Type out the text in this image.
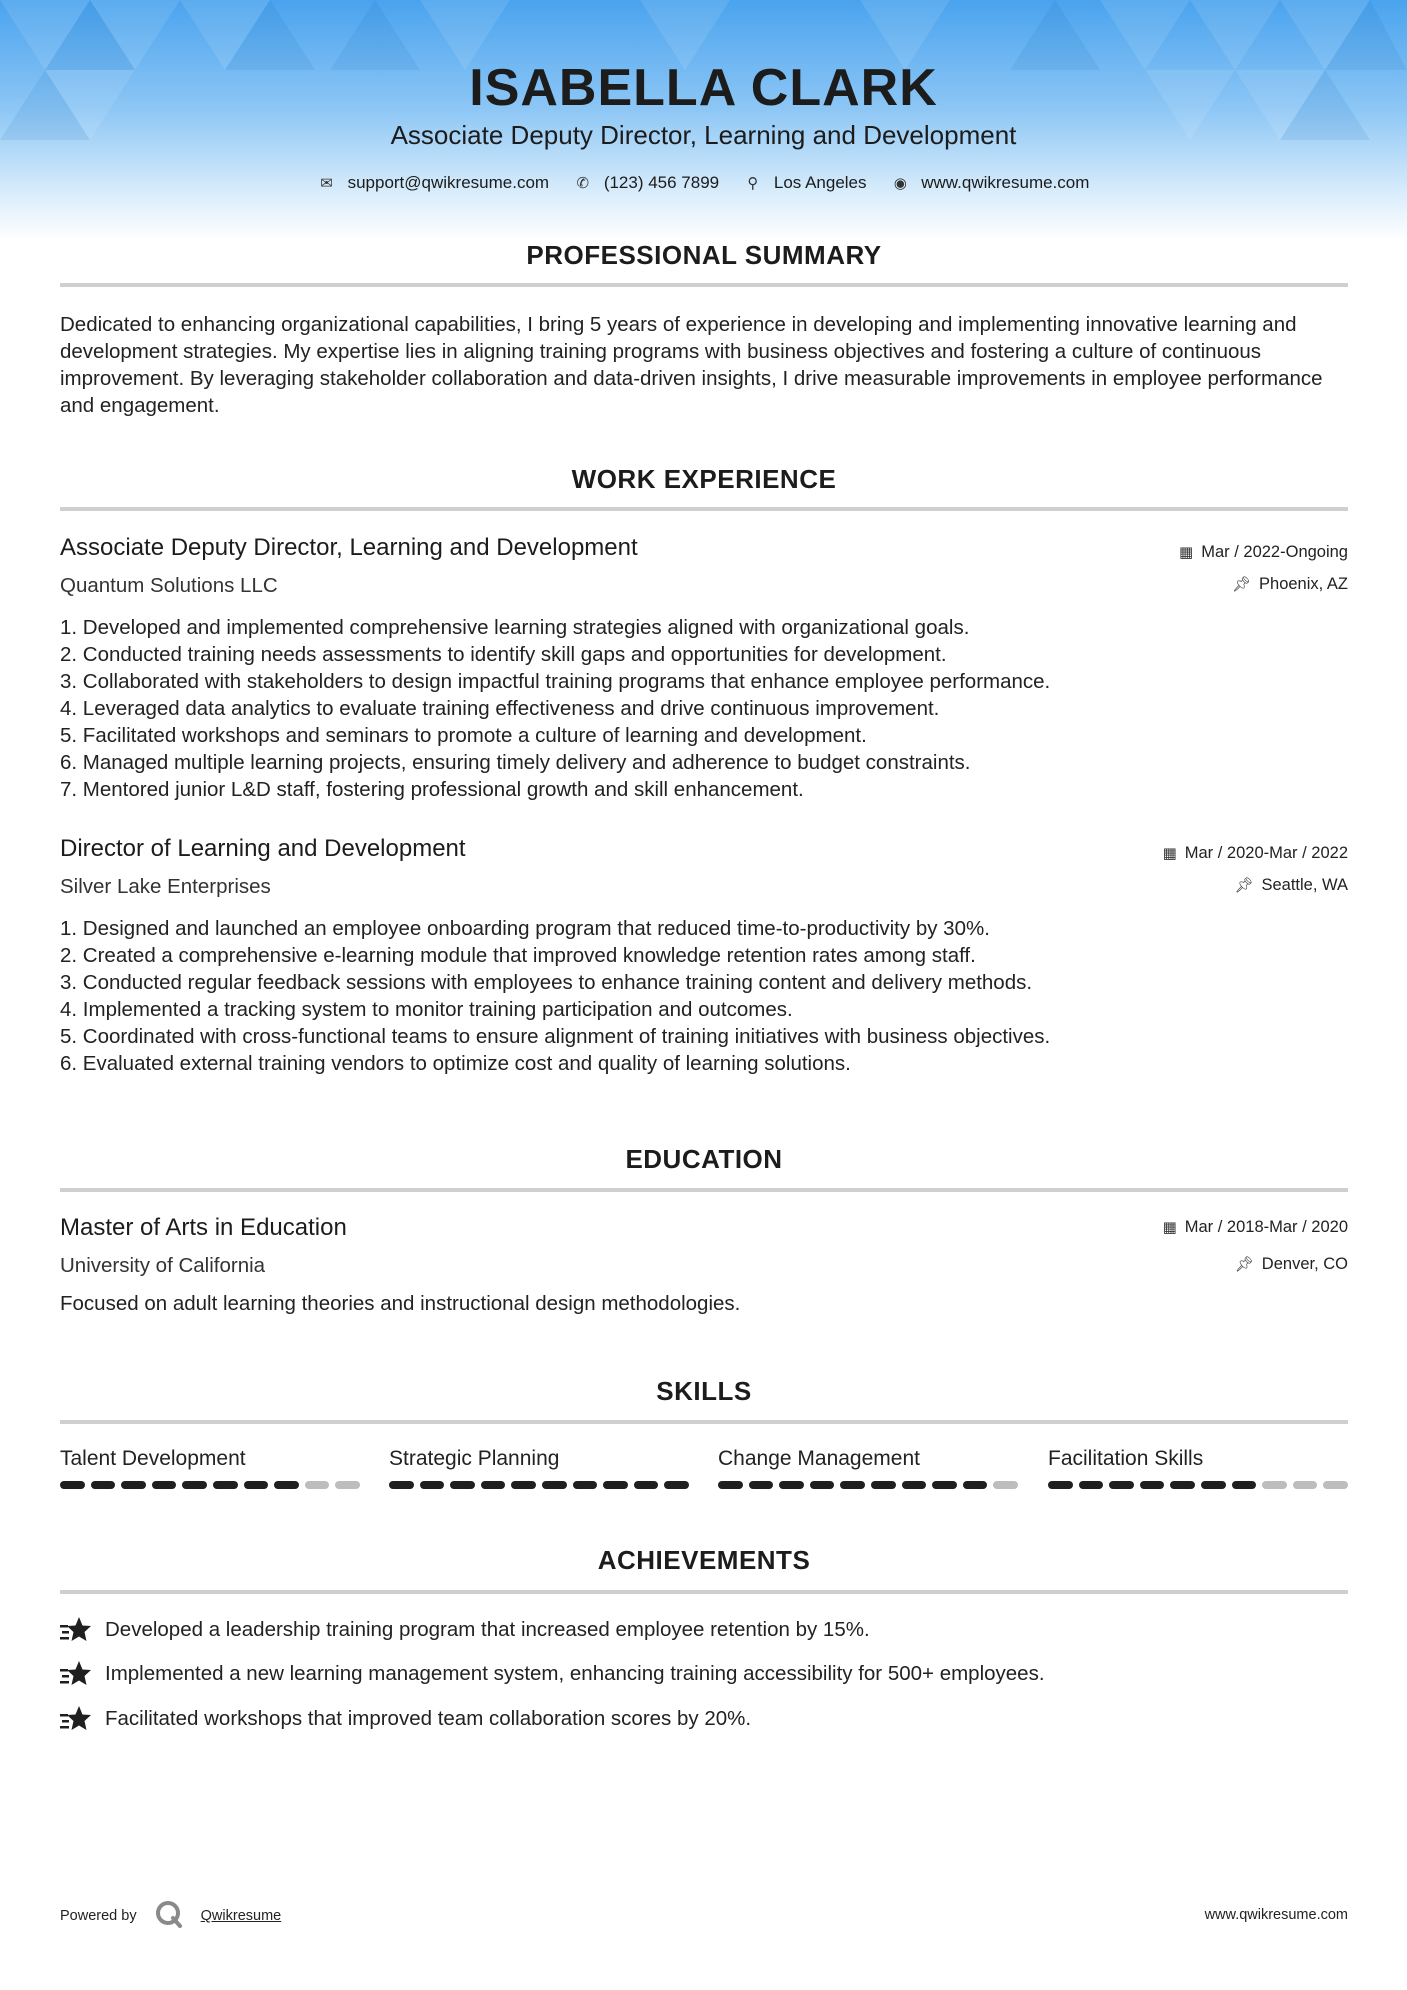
ISABELLA CLARK
Associate Deputy Director, Learning and Development
✉ support@qwikresume.com ✆ (123) 456 7899 ⚲ Los Angeles ◉ www.qwikresume.com
PROFESSIONAL SUMMARY
Dedicated to enhancing organizational capabilities, I bring 5 years of experience in developing and implementing innovative learning and development strategies. My expertise lies in aligning training programs with business objectives and fostering a culture of continuous improvement. By leveraging stakeholder collaboration and data-driven insights, I drive measurable improvements in employee performance and engagement.
WORK EXPERIENCE
Associate Deputy Director, Learning and Development	▦ Mar / 2022-Ongoing
Quantum Solutions LLC	📌︎ Phoenix, AZ
1. Developed and implemented comprehensive learning strategies aligned with organizational goals.
2. Conducted training needs assessments to identify skill gaps and opportunities for development.
3. Collaborated with stakeholders to design impactful training programs that enhance employee performance.
4. Leveraged data analytics to evaluate training effectiveness and drive continuous improvement.
5. Facilitated workshops and seminars to promote a culture of learning and development.
6. Managed multiple learning projects, ensuring timely delivery and adherence to budget constraints.
7. Mentored junior L&D staff, fostering professional growth and skill enhancement.
Director of Learning and Development	▦ Mar / 2020-Mar / 2022
Silver Lake Enterprises	📌︎ Seattle, WA
1. Designed and launched an employee onboarding program that reduced time-to-productivity by 30%.
2. Created a comprehensive e-learning module that improved knowledge retention rates among staff.
3. Conducted regular feedback sessions with employees to enhance training content and delivery methods.
4. Implemented a tracking system to monitor training participation and outcomes.
5. Coordinated with cross-functional teams to ensure alignment of training initiatives with business objectives.
6. Evaluated external training vendors to optimize cost and quality of learning solutions.
EDUCATION
Master of Arts in Education	▦ Mar / 2018-Mar / 2020
University of California	📌︎ Denver, CO
Focused on adult learning theories and instructional design methodologies.
SKILLS
Talent Development	Strategic Planning	Change Management	Facilitation Skills
ACHIEVEMENTS
Developed a leadership training program that increased employee retention by 15%.
Implemented a new learning management system, enhancing training accessibility for 500+ employees.
Facilitated workshops that improved team collaboration scores by 20%.
Powered by	Qwikresume	www.qwikresume.com
